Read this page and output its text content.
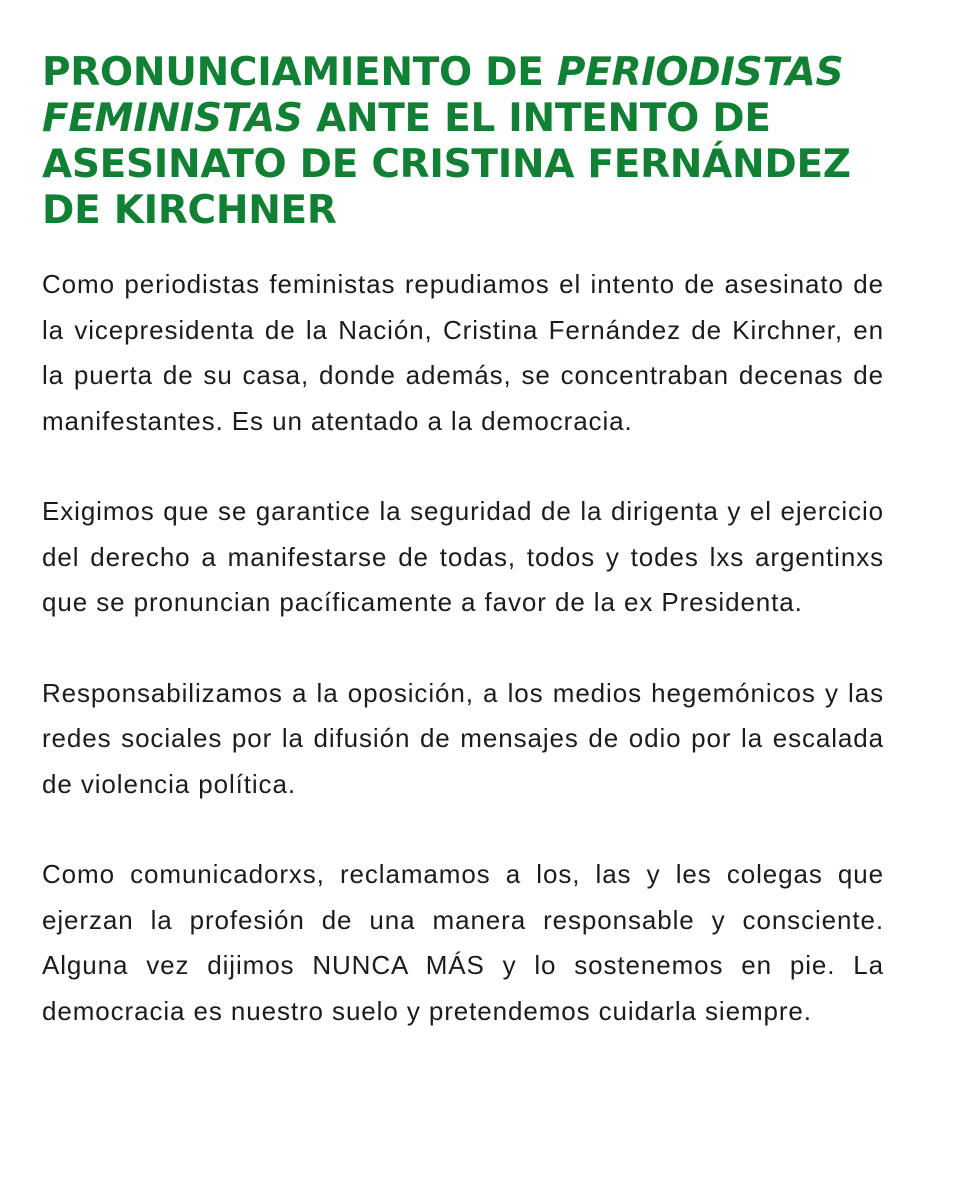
PRONUNCIAMIENTO DE PERIODISTAS FEMINISTAS ANTE EL INTENTO DE ASESINATO DE CRISTINA FERNÁNDEZ DE KIRCHNER

Como periodistas feministas repudiamos el intento de asesinato de la vicepresidenta de la Nación, Cristina Fernández de Kirchner, en la puerta de su casa, donde además, se concentraban decenas de manifestantes. Es un atentado a la democracia.

Exigimos que se garantice la seguridad de la dirigenta y el ejercicio del derecho a manifestarse de todas, todos y todes lxs argentinxs que se pronuncian pacíficamente a favor de la ex Presidenta.

Responsabilizamos a la oposición, a los medios hegemónicos y las redes sociales por la difusión de mensajes de odio por la escalada de violencia política.

Como comunicadorxs, reclamamos a los, las y les colegas que ejerzan la profesión de una manera responsable y consciente. Alguna vez dijimos NUNCA MÁS y lo sostenemos en pie. La democracia es nuestro suelo y pretendemos cuidarla siempre.
